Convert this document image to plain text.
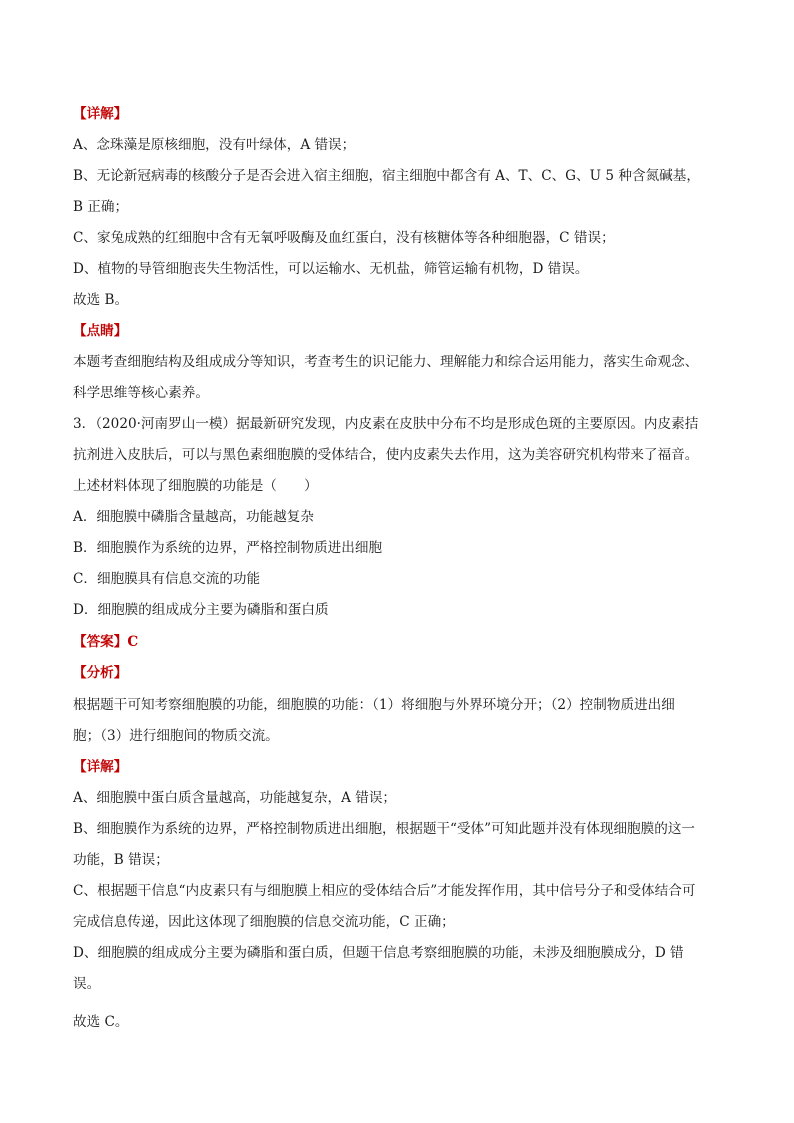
【详解】

A、念珠藻是原核细胞，没有叶绿体，A 错误；

B、无论新冠病毒的核酸分子是否会进入宿主细胞，宿主细胞中都含有 A、T、C、G、U 5 种含氮碱基，

B 正确；

C、家兔成熟的红细胞中含有无氧呼吸酶及血红蛋白，没有核糖体等各种细胞器，C 错误；

D、植物的导管细胞丧失生物活性，可以运输水、无机盐，筛管运输有机物，D 错误。

故选 B。

【点睛】

本题考查细胞结构及组成成分等知识，考查考生的识记能力、理解能力和综合运用能力，落实生命观念、

科学思维等核心素养。

3．（2020·河南罗山一模）据最新研究发现，内皮素在皮肤中分布不均是形成色斑的主要原因。内皮素拮

抗剂进入皮肤后，可以与黑色素细胞膜的受体结合，使内皮素失去作用，这为美容研究机构带来了福音。

上述材料体现了细胞膜的功能是（　　）

A．细胞膜中磷脂含量越高，功能越复杂

B．细胞膜作为系统的边界，严格控制物质进出细胞

C．细胞膜具有信息交流的功能

D．细胞膜的组成成分主要为磷脂和蛋白质

【答案】C

【分析】

根据题干可知考察细胞膜的功能，细胞膜的功能：（1）将细胞与外界环境分开；（2）控制物质进出细

胞；（3）进行细胞间的物质交流。

【详解】

A、细胞膜中蛋白质含量越高，功能越复杂，A 错误；

B、细胞膜作为系统的边界，严格控制物质进出细胞，根据题干“受体”可知此题并没有体现细胞膜的这一

功能，B 错误；

C、根据题干信息“内皮素只有与细胞膜上相应的受体结合后”才能发挥作用，其中信号分子和受体结合可

完成信息传递，因此这体现了细胞膜的信息交流功能，C 正确；

D、细胞膜的组成成分主要为磷脂和蛋白质，但题干信息考察细胞膜的功能，未涉及细胞膜成分，D 错

误。

故选 C。
